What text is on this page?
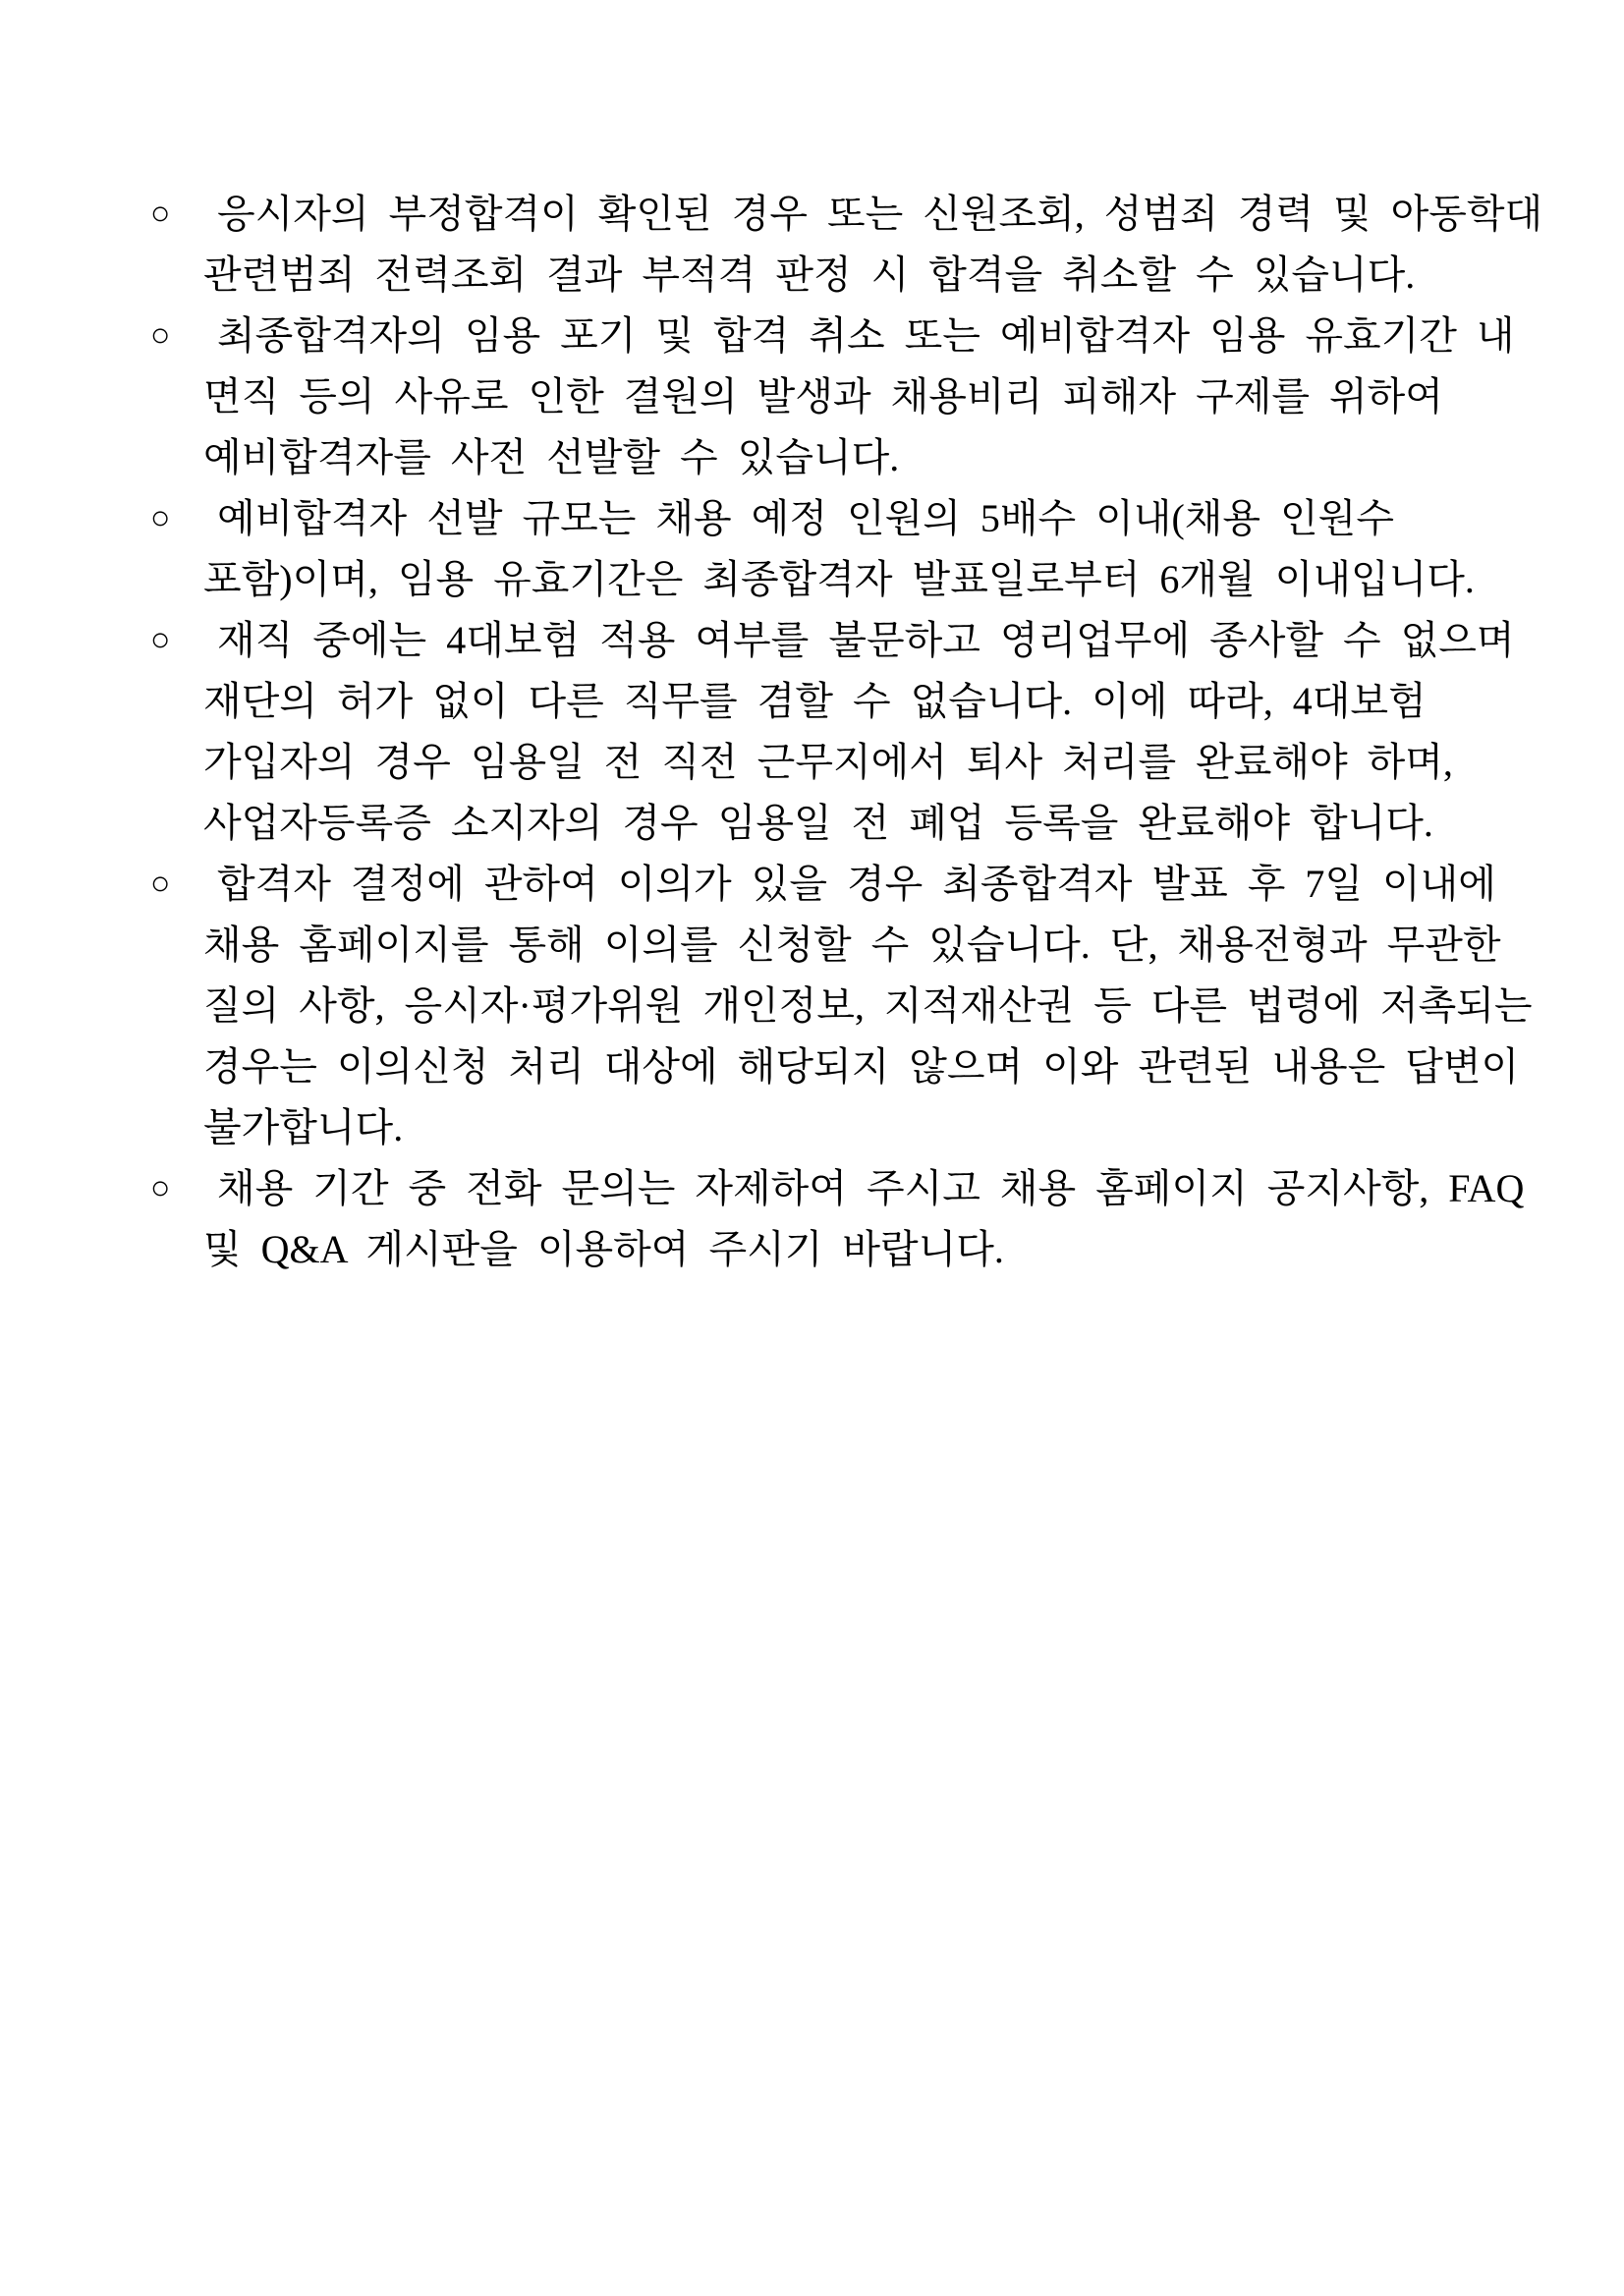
○	응시자의 부정합격이 확인된 경우 또는 신원조회, 성범죄 경력 및 아동학대
관련범죄 전력조회 결과 부적격 판정 시 합격을 취소할 수 있습니다.
○	최종합격자의 임용 포기 및 합격 취소 또는 예비합격자 임용 유효기간 내
면직 등의 사유로 인한 결원의 발생과 채용비리 피해자 구제를 위하여
예비합격자를 사전 선발할 수 있습니다.
○	예비합격자 선발 규모는 채용 예정 인원의 5배수 이내(채용 인원수
포함)이며, 임용 유효기간은 최종합격자 발표일로부터 6개월 이내입니다.
○	재직 중에는 4대보험 적용 여부를 불문하고 영리업무에 종사할 수 없으며
재단의 허가 없이 다른 직무를 겸할 수 없습니다. 이에 따라, 4대보험
가입자의 경우 임용일 전 직전 근무지에서 퇴사 처리를 완료해야 하며,
사업자등록증 소지자의 경우 임용일 전 폐업 등록을 완료해야 합니다.
○	합격자 결정에 관하여 이의가 있을 경우 최종합격자 발표 후 7일 이내에
채용 홈페이지를 통해 이의를 신청할 수 있습니다. 단, 채용전형과 무관한
질의 사항, 응시자·평가위원 개인정보, 지적재산권 등 다른 법령에 저촉되는
경우는 이의신청 처리 대상에 해당되지 않으며 이와 관련된 내용은 답변이
불가합니다.
○	채용 기간 중 전화 문의는 자제하여 주시고 채용 홈페이지 공지사항, FAQ
및 Q&A 게시판을 이용하여 주시기 바랍니다.
